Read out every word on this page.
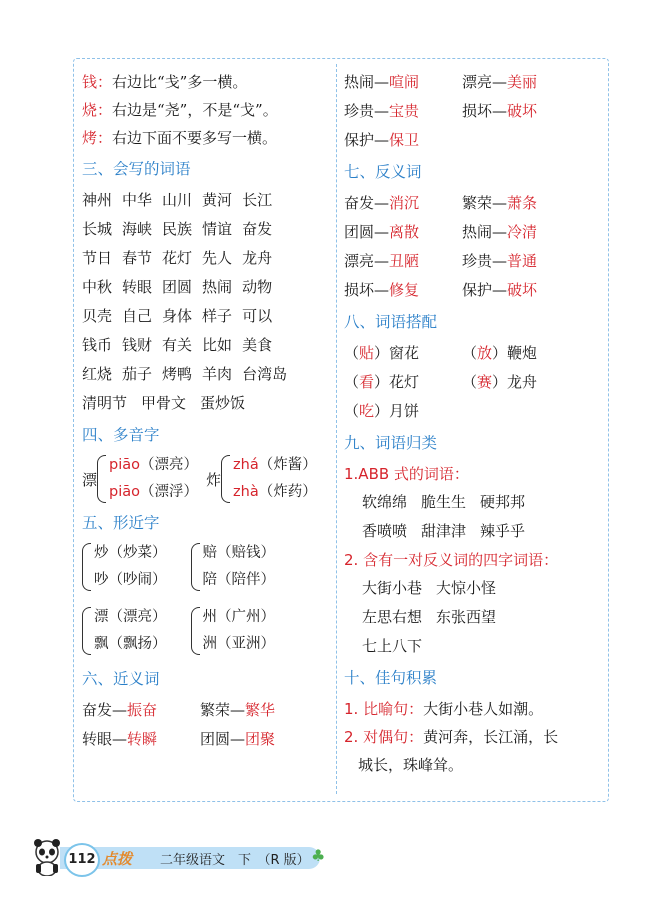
钱：右边比“戋”多一横。
烧：右边是“尧”，不是“戈”。
烤：右边下面不要多写一横。
三、会写的词语
神州 中华 山川 黄河 长江
长城 海峡 民族 情谊 奋发
节日 春节 花灯 先人 龙舟
中秋 转眼 团圆 热闹 动物
贝壳 自己 身体 样子 可以
钱币 钱财 有关 比如 美食
红烧 茄子 烤鸭 羊肉 台湾岛
清明节 甲骨文 蛋炒饭
四、多音字
漂
piāo（漂亮）
piāo（漂浮）
炸
zhá（炸酱）
zhà（炸药）
五、形近字
炒（炒菜）
吵（吵闹）
赔（赔钱）
陪（陪伴）
漂（漂亮）
飘（飘扬）
州（广州）
洲（亚洲）
六、近义词
奋发—振奋	繁荣—繁华
转眼—转瞬	团圆—团聚
热闹—喧闹	漂亮—美丽
珍贵—宝贵	损坏—破坏
保护—保卫
七、反义词
奋发—消沉	繁荣—萧条
团圆—离散	热闹—冷清
漂亮—丑陋	珍贵—普通
损坏—修复	保护—破坏
八、词语搭配
（贴）窗花	（放）鞭炮
（看）花灯	（赛）龙舟
（吃）月饼
九、词语归类
1.ABB 式的词语：
软绵绵 脆生生 硬邦邦
香喷喷 甜津津 辣乎乎
2. 含有一对反义词的四字词语：
大街小巷 大惊小怪
左思右想 东张西望
七上八下
十、佳句积累
1. 比喻句：大街小巷人如潮。
2. 对偶句：黄河奔，长江涌，长
城长，珠峰耸。
112 点拨 二年级语文　下　（R 版） ♣
